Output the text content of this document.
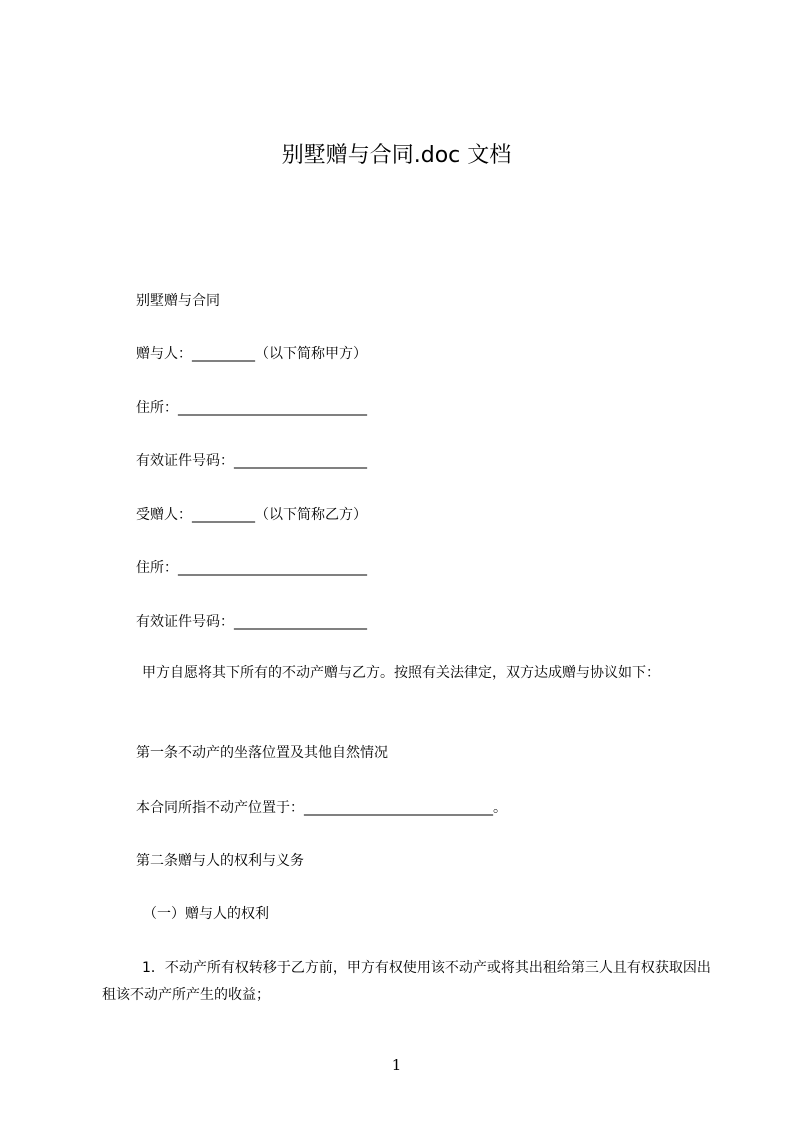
别墅赠与合同.doc 文档
别墅赠与合同
赠与人：_________（以下简称甲方）
住所：___________________________
有效证件号码：___________________
受赠人：_________（以下简称乙方）
住所：___________________________
有效证件号码：___________________
甲方自愿将其下所有的不动产赠与乙方。按照有关法律定，双方达成赠与协议如下：
第一条不动产的坐落位置及其他自然情况
本合同所指不动产位置于：___________________________。
第二条赠与人的权利与义务
（一）赠与人的权利
1．不动产所有权转移于乙方前，甲方有权使用该不动产或将其出租给第三人且有权获取因出租该不动产所产生的收益；
1
